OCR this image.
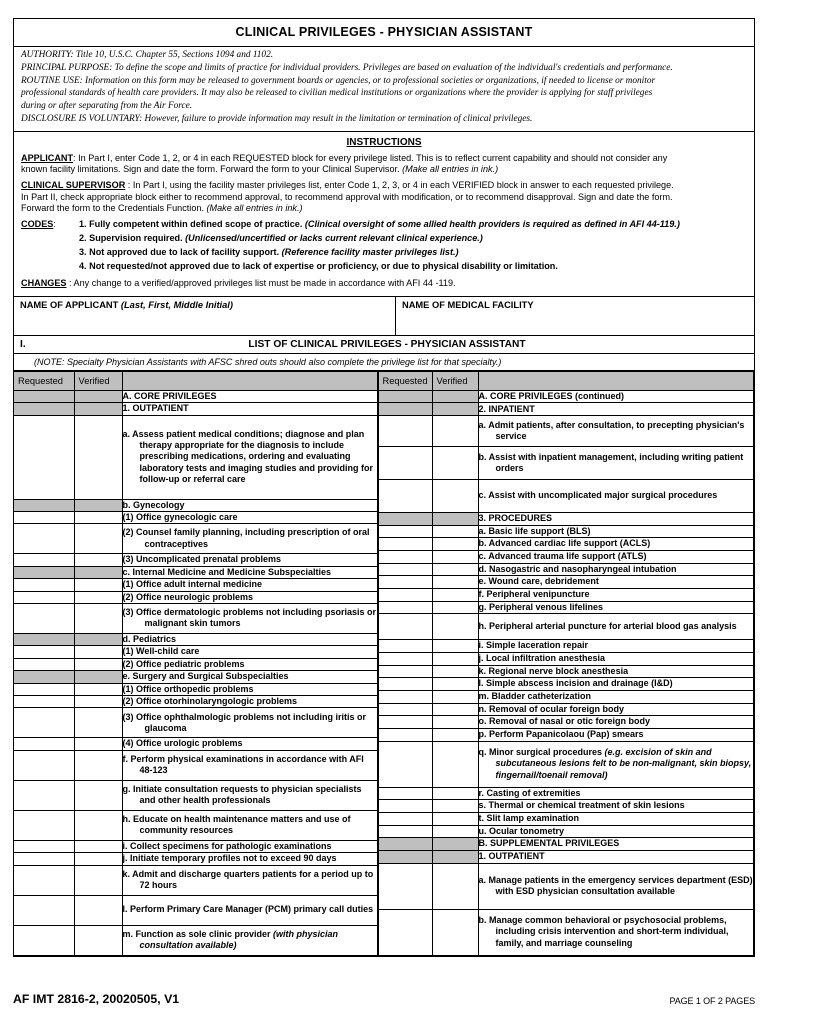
CLINICAL PRIVILEGES - PHYSICIAN ASSISTANT

AUTHORITY: Title 10, U.S.C. Chapter 55, Sections 1094 and 1102.

PRINCIPAL PURPOSE: To define the scope and limits of practice for individual providers. Privileges are based on evaluation of the individual's credentials and performance.

ROUTINE USE: Information on this form may be released to government boards or agencies, or to professional societies or organizations, if needed to license or monitor

professional standards of health care providers. It may also be released to civilian medical institutions or organizations where the provider is applying for staff privileges

during or after separating from the Air Force.

DISCLOSURE IS VOLUNTARY: However, failure to provide information may result in the limitation or termination of clinical privileges.

INSTRUCTIONS
APPLICANT: In Part I, enter Code 1, 2, or 4 in each REQUESTED block for every privilege listed. This is to reflect current capability and should not consider any
known facility limitations. Sign and date the form. Forward the form to your Clinical Supervisor. (Make all entries in ink.)
CLINICAL SUPERVISOR : In Part I, using the facility master privileges list, enter Code 1, 2, 3, or 4 in each VERIFIED block in answer to each requested privilege.
In Part II, check appropriate block either to recommend approval, to recommend approval with modification, or to recommend disapproval. Sign and date the form.
Forward the form to the Credentials Function. (Make all entries in ink.)
CODES:	1. Fully competent within defined scope of practice. (Clinical oversight of some allied health providers is required as defined in AFI 44-119.)
2. Supervision required. (Unlicensed/uncertified or lacks current relevant clinical experience.)
3. Not approved due to lack of facility support. (Reference facility master privileges list.)
4. Not requested/not approved due to lack of expertise or proficiency, or due to physical disability or limitation.
CHANGES : Any change to a verified/approved privileges list must be made in accordance with AFI 44 -119.
NAME OF APPLICANT (Last, First, Middle Initial)	NAME OF MEDICAL FACILITY
I.	LIST OF CLINICAL PRIVILEGES - PHYSICIAN ASSISTANT
(NOTE: Specialty Physician Assistants with AFSC shred outs should also complete the privilege list for that specialty.)
Requested	Verified	
		A. CORE PRIVILEGES
		1. OUTPATIENT
		a. Assess patient medical conditions; diagnose and plan therapy appropriate for the diagnosis to include prescribing medications, ordering and evaluating laboratory tests and imaging studies and providing for follow-up or referral care
		b. Gynecology
		(1) Office gynecologic care
		(2) Counsel family planning, including prescription of oral contraceptives
		(3) Uncomplicated prenatal problems
		c. Internal Medicine and Medicine Subspecialties
		(1) Office adult internal medicine
		(2) Office neurologic problems
		(3) Office dermatologic problems not including psoriasis or malignant skin tumors
		d. Pediatrics
		(1) Well-child care
		(2) Office pediatric problems
		e. Surgery and Surgical Subspecialties
		(1) Office orthopedic problems
		(2) Office otorhinolaryngologic problems
		(3) Office ophthalmologic problems not including iritis or glaucoma
		(4) Office urologic problems
		f. Perform physical examinations in accordance with AFI 48-123
		g. Initiate consultation requests to physician specialists and other health professionals
		h. Educate on health maintenance matters and use of community resources
		i. Collect specimens for pathologic examinations
		j. Initiate temporary profiles not to exceed 90 days
		k. Admit and discharge quarters patients for a period up to 72 hours
		l. Perform Primary Care Manager (PCM) primary call duties
		m. Function as sole clinic provider (with physician consultation available)
Requested	Verified	
		A. CORE PRIVILEGES (continued)
		2. INPATIENT
		a. Admit patients, after consultation, to precepting physician's service
		b. Assist with inpatient management, including writing patient orders
		c. Assist with uncomplicated major surgical procedures
		3. PROCEDURES
		a. Basic life support (BLS)
		b. Advanced cardiac life support (ACLS)
		c. Advanced trauma life support (ATLS)
		d. Nasogastric and nasopharyngeal intubation
		e. Wound care, debridement
		f. Peripheral venipuncture
		g. Peripheral venous lifelines
		h. Peripheral arterial puncture for arterial blood gas analysis
		i. Simple laceration repair
		j. Local infiltration anesthesia
		k. Regional nerve block anesthesia
		l. Simple abscess incision and drainage (I&D)
		m. Bladder catheterization
		n. Removal of ocular foreign body
		o. Removal of nasal or otic foreign body
		p. Perform Papanicolaou (Pap) smears
		q. Minor surgical procedures (e.g. excision of skin and subcutaneous lesions felt to be non-malignant, skin biopsy, fingernail/toenail removal)
		r. Casting of extremities
		s. Thermal or chemical treatment of skin lesions
		t. Slit lamp examination
		u. Ocular tonometry
		B. SUPPLEMENTAL PRIVILEGES
		1. OUTPATIENT
		a. Manage patients in the emergency services department (ESD) with ESD physician consultation available
		b. Manage common behavioral or psychosocial problems, including crisis intervention and short-term individual, family, and marriage counseling
AF IMT 2816-2, 20020505, V1	PAGE 1 OF 2 PAGES
